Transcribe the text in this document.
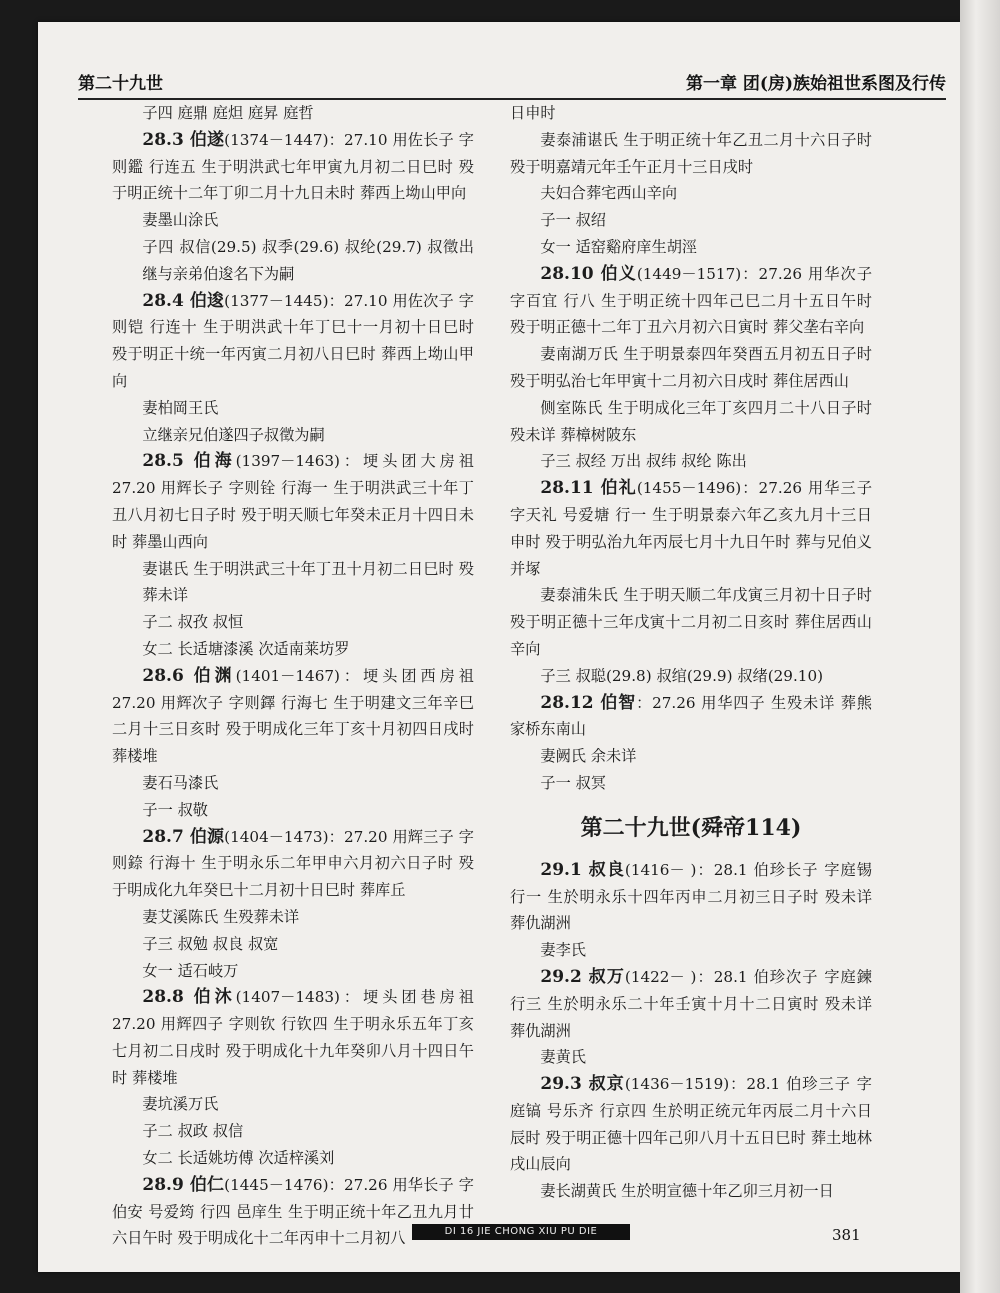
第二十九世	第一章 团(房)族始祖世系图及行传

子四 庭鼎 庭炟 庭昇 庭哲

28.3 伯遂(1374－1447)：27.10 用佐长子 字则鑑 行连五 生于明洪武七年甲寅九月初二日巳时 殁于明正统十二年丁卯二月十九日未时 葬西上坳山甲向

妻墨山涂氏

子四 叔信(29.5) 叔季(29.6) 叔纶(29.7) 叔徵出继与亲弟伯逡名下为嗣

28.4 伯逡(1377－1445)：27.10 用佐次子 字则铠 行连十 生于明洪武十年丁巳十一月初十日巳时 殁于明正十统一年丙寅二月初八日巳时 葬西上坳山甲向

妻柏岡王氏

立继亲兄伯遂四子叔徵为嗣

28.5 伯海(1397－1463)：埂头团大房祖27.20 用辉长子 字则铨 行海一 生于明洪武三十年丁丑八月初七日子时 殁于明天顺七年癸未正月十四日未时 葬墨山西向

妻谌氏 生于明洪武三十年丁丑十月初二日巳时 殁葬未详

子二 叔孜 叔恒

女二 长适塘漆溪 次适南莱坊罗

28.6 伯渊(1401－1467)：埂头团西房祖27.20 用辉次子 字则鐸 行海七 生于明建文三年辛巳二月十三日亥时 殁于明成化三年丁亥十月初四日戌时 葬楼堆

妻石马漆氏

子一 叔敬

28.7 伯源(1404－1473)：27.20 用辉三子 字则錼 行海十 生于明永乐二年甲申六月初六日子时 殁于明成化九年癸巳十二月初十日巳时 葬库丘

妻艾溪陈氏 生殁葬未详

子三 叔勉 叔良 叔宽

女一 适石岐万

28.8 伯沐(1407－1483)：埂头团巷房祖27.20 用辉四子 字则钦 行钦四 生于明永乐五年丁亥七月初二日戌时 殁于明成化十九年癸卯八月十四日午时 葬楼堆

妻坑溪万氏

子二 叔政 叔信

女二 长适姚坊傅 次适梓溪刘

28.9 伯仁(1445－1476)：27.26 用华长子 字伯安 号爱筠 行四 邑庠生 生于明正统十年乙丑九月廿六日午时 殁于明成化十二年丙申十二月初八

日申时

妻泰浦谌氏 生于明正统十年乙丑二月十六日子时 殁于明嘉靖元年壬午正月十三日戌时

夫妇合葬宅西山辛向

子一 叔绍

女一 适窑谿府庠生胡涇

28.10 伯义(1449－1517)：27.26 用华次子 字百宜 行八 生于明正统十四年己巳二月十五日午时 殁于明正德十二年丁丑六月初六日寅时 葬父垄右辛向

妻南湖万氏 生于明景泰四年癸酉五月初五日子时 殁于明弘治七年甲寅十二月初六日戌时 葬住居西山

侧室陈氏 生于明成化三年丁亥四月二十八日子时 殁未详 葬樟树陂东

子三 叔经 万出 叔纬 叔纶 陈出

28.11 伯礼(1455－1496)：27.26 用华三子 字天礼 号爱塘 行一 生于明景泰六年乙亥九月十三日申时 殁于明弘治九年丙辰七月十九日午时 葬与兄伯义并塚

妻泰浦朱氏 生于明天顺二年戊寅三月初十日子时 殁于明正德十三年戊寅十二月初二日亥时 葬住居西山辛向

子三 叔聪(29.8) 叔绾(29.9) 叔绪(29.10)

28.12 伯智：27.26 用华四子 生殁未详 葬熊家桥东南山

妻阙氏 余未详

子一 叔冥

第二十九世(舜帝114)

29.1 叔良(1416－ )：28.1 伯珍长子 字庭锡 行一 生於明永乐十四年丙申二月初三日子时 殁未详 葬仇湖洲

妻李氏

29.2 叔万(1422－ )：28.1 伯珍次子 字庭鍊 行三 生於明永乐二十年壬寅十月十二日寅时 殁未详 葬仇湖洲

妻黄氏

29.3 叔京(1436－1519)：28.1 伯珍三子 字庭镐 号乐齐 行京四 生於明正统元年丙辰二月十六日辰时 殁于明正德十四年己卯八月十五日巳时 葬土地林戌山辰向

妻长湖黄氏 生於明宣德十年乙卯三月初一日

DI 16 JIE CHONG XIU PU DIE	381
